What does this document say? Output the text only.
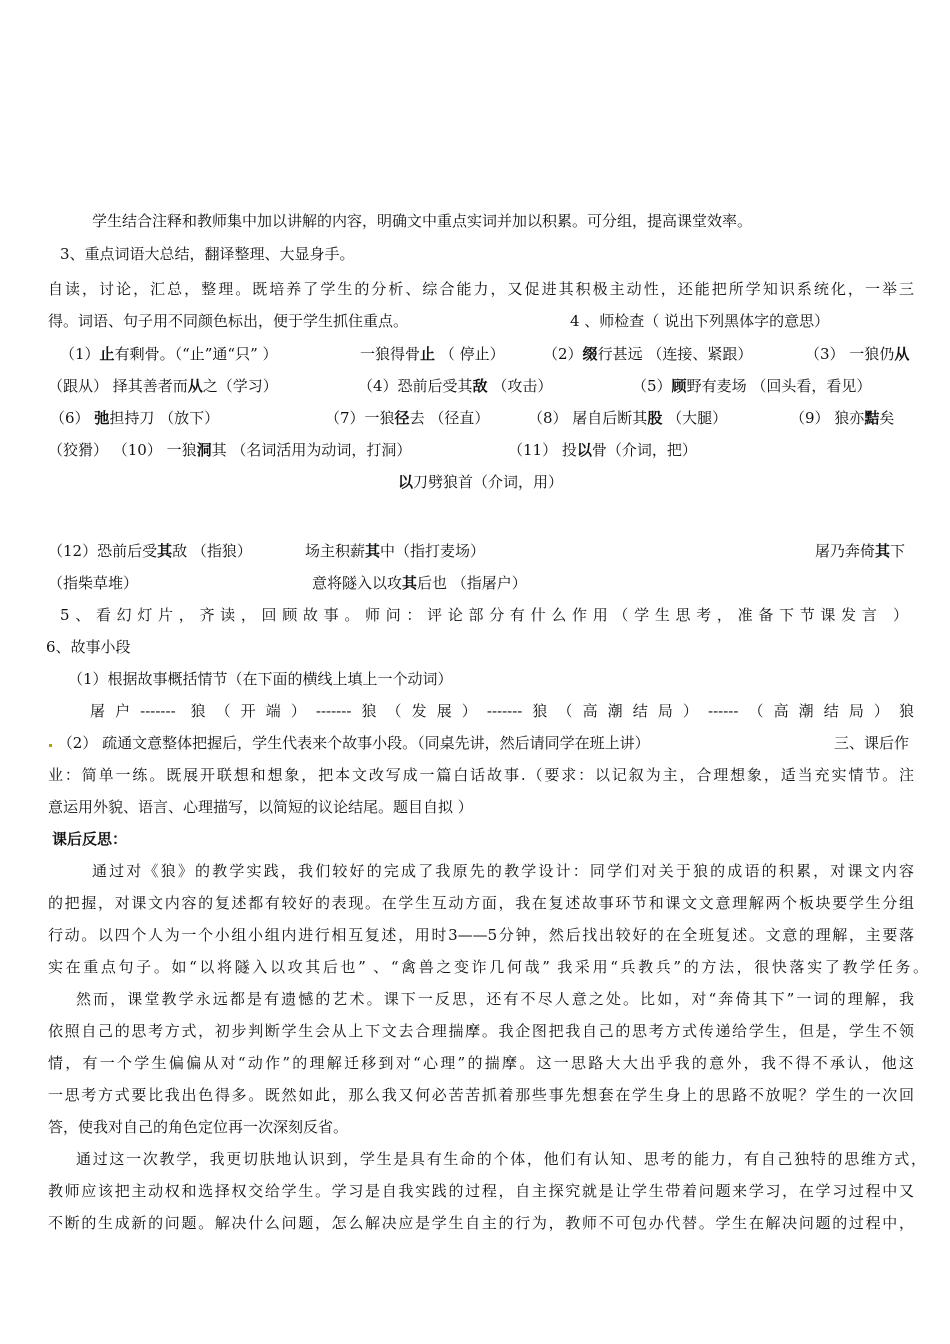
学生结合注释和教师集中加以讲解的内容，明确文中重点实词并加以积累。可分组，提高课堂效率。
3、重点词语大总结，翻译整理、大显身手。
自读，讨论，汇总，整理。既培养了学生的分析、综合能力，又促进其积极主动性，还能把所学知识系统化，一举三
得。词语、句子用不同颜色标出，便于学生抓住重点。	4 、师检查（ 说出下列黑体字的意思）
（1）止有剩骨。（“止”通“只” ）	一狼得骨止 （ 停止）	（2）缀行甚远 （连接、紧跟）	（3） 一狼仍从
（跟从） 择其善者而从之（学习）	（4）恐前后受其敌 （攻击）	（5）顾野有麦场 （回头看，看见）
（6） 弛担持刀 （放下）	（7）一狼径去 （径直）	（8） 屠自后断其股 （大腿）	（9） 狼亦黠矣
（狡猾） （10） 一狼洞其 （名词活用为动词，打洞）	（11） 投以骨（介词，把）
以刀劈狼首（介词，用）
（12）恐前后受其敌 （指狼）	场主积薪其中（指打麦场）	屠乃奔倚其下
（指柴草堆）	意将隧入以攻其后也 （指屠户）
5、看幻灯片，齐读，回顾故事。师问：评论部分有什么作用（学生思考，准备下节课发言 ）
6、故事小段
（1）根据故事概括情节（在下面的横线上填上一个动词）
屠户------- 狼（开端）-------狼（发展）-------狼（高潮结局）------（高潮结局）狼
（2） 疏通文意整体把握后，学生代表来个故事小段。（同桌先讲，然后请同学在班上讲）	三、课后作
业：简单一练。既展开联想和想象，把本文改写成一篇白话故事.（要求：以记叙为主，合理想象，适当充实情节。注
意运用外貌、语言、心理描写，以简短的议论结尾。题目自拟 ）
课后反思：
通过对《狼》的教学实践，我们较好的完成了我原先的教学设计：同学们对关于狼的成语的积累，对课文内容
的把握，对课文内容的复述都有较好的表现。在学生互动方面，我在复述故事环节和课文文意理解两个板块要学生分组
行动。以四个人为一个小组小组内进行相互复述，用时3——5分钟，然后找出较好的在全班复述。文意的理解，主要落
实在重点句子。如“以将隧入以攻其后也” 、“禽兽之变诈几何哉” 我采用“兵教兵”的方法，很快落实了教学任务。
然而，课堂教学永远都是有遗憾的艺术。课下一反思，还有不尽人意之处。比如，对“奔倚其下”一词的理解，我
依照自己的思考方式，初步判断学生会从上下文去合理揣摩。我企图把我自己的思考方式传递给学生，但是，学生不领
情，有一个学生偏偏从对“动作”的理解迁移到对“心理”的揣摩。这一思路大大出乎我的意外，我不得不承认，他这
一思考方式要比我出色得多。既然如此，那么我又何必苦苦抓着那些事先想套在学生身上的思路不放呢？学生的一次回
答，使我对自己的角色定位再一次深刻反省。
通过这一次教学，我更切肤地认识到，学生是具有生命的个体，他们有认知、思考的能力，有自己独特的思维方式，
教师应该把主动权和选择权交给学生。学习是自我实践的过程，自主探究就是让学生带着问题来学习，在学习过程中又
不断的生成新的问题。解决什么问题，怎么解决应是学生自主的行为，教师不可包办代替。学生在解决问题的过程中，
